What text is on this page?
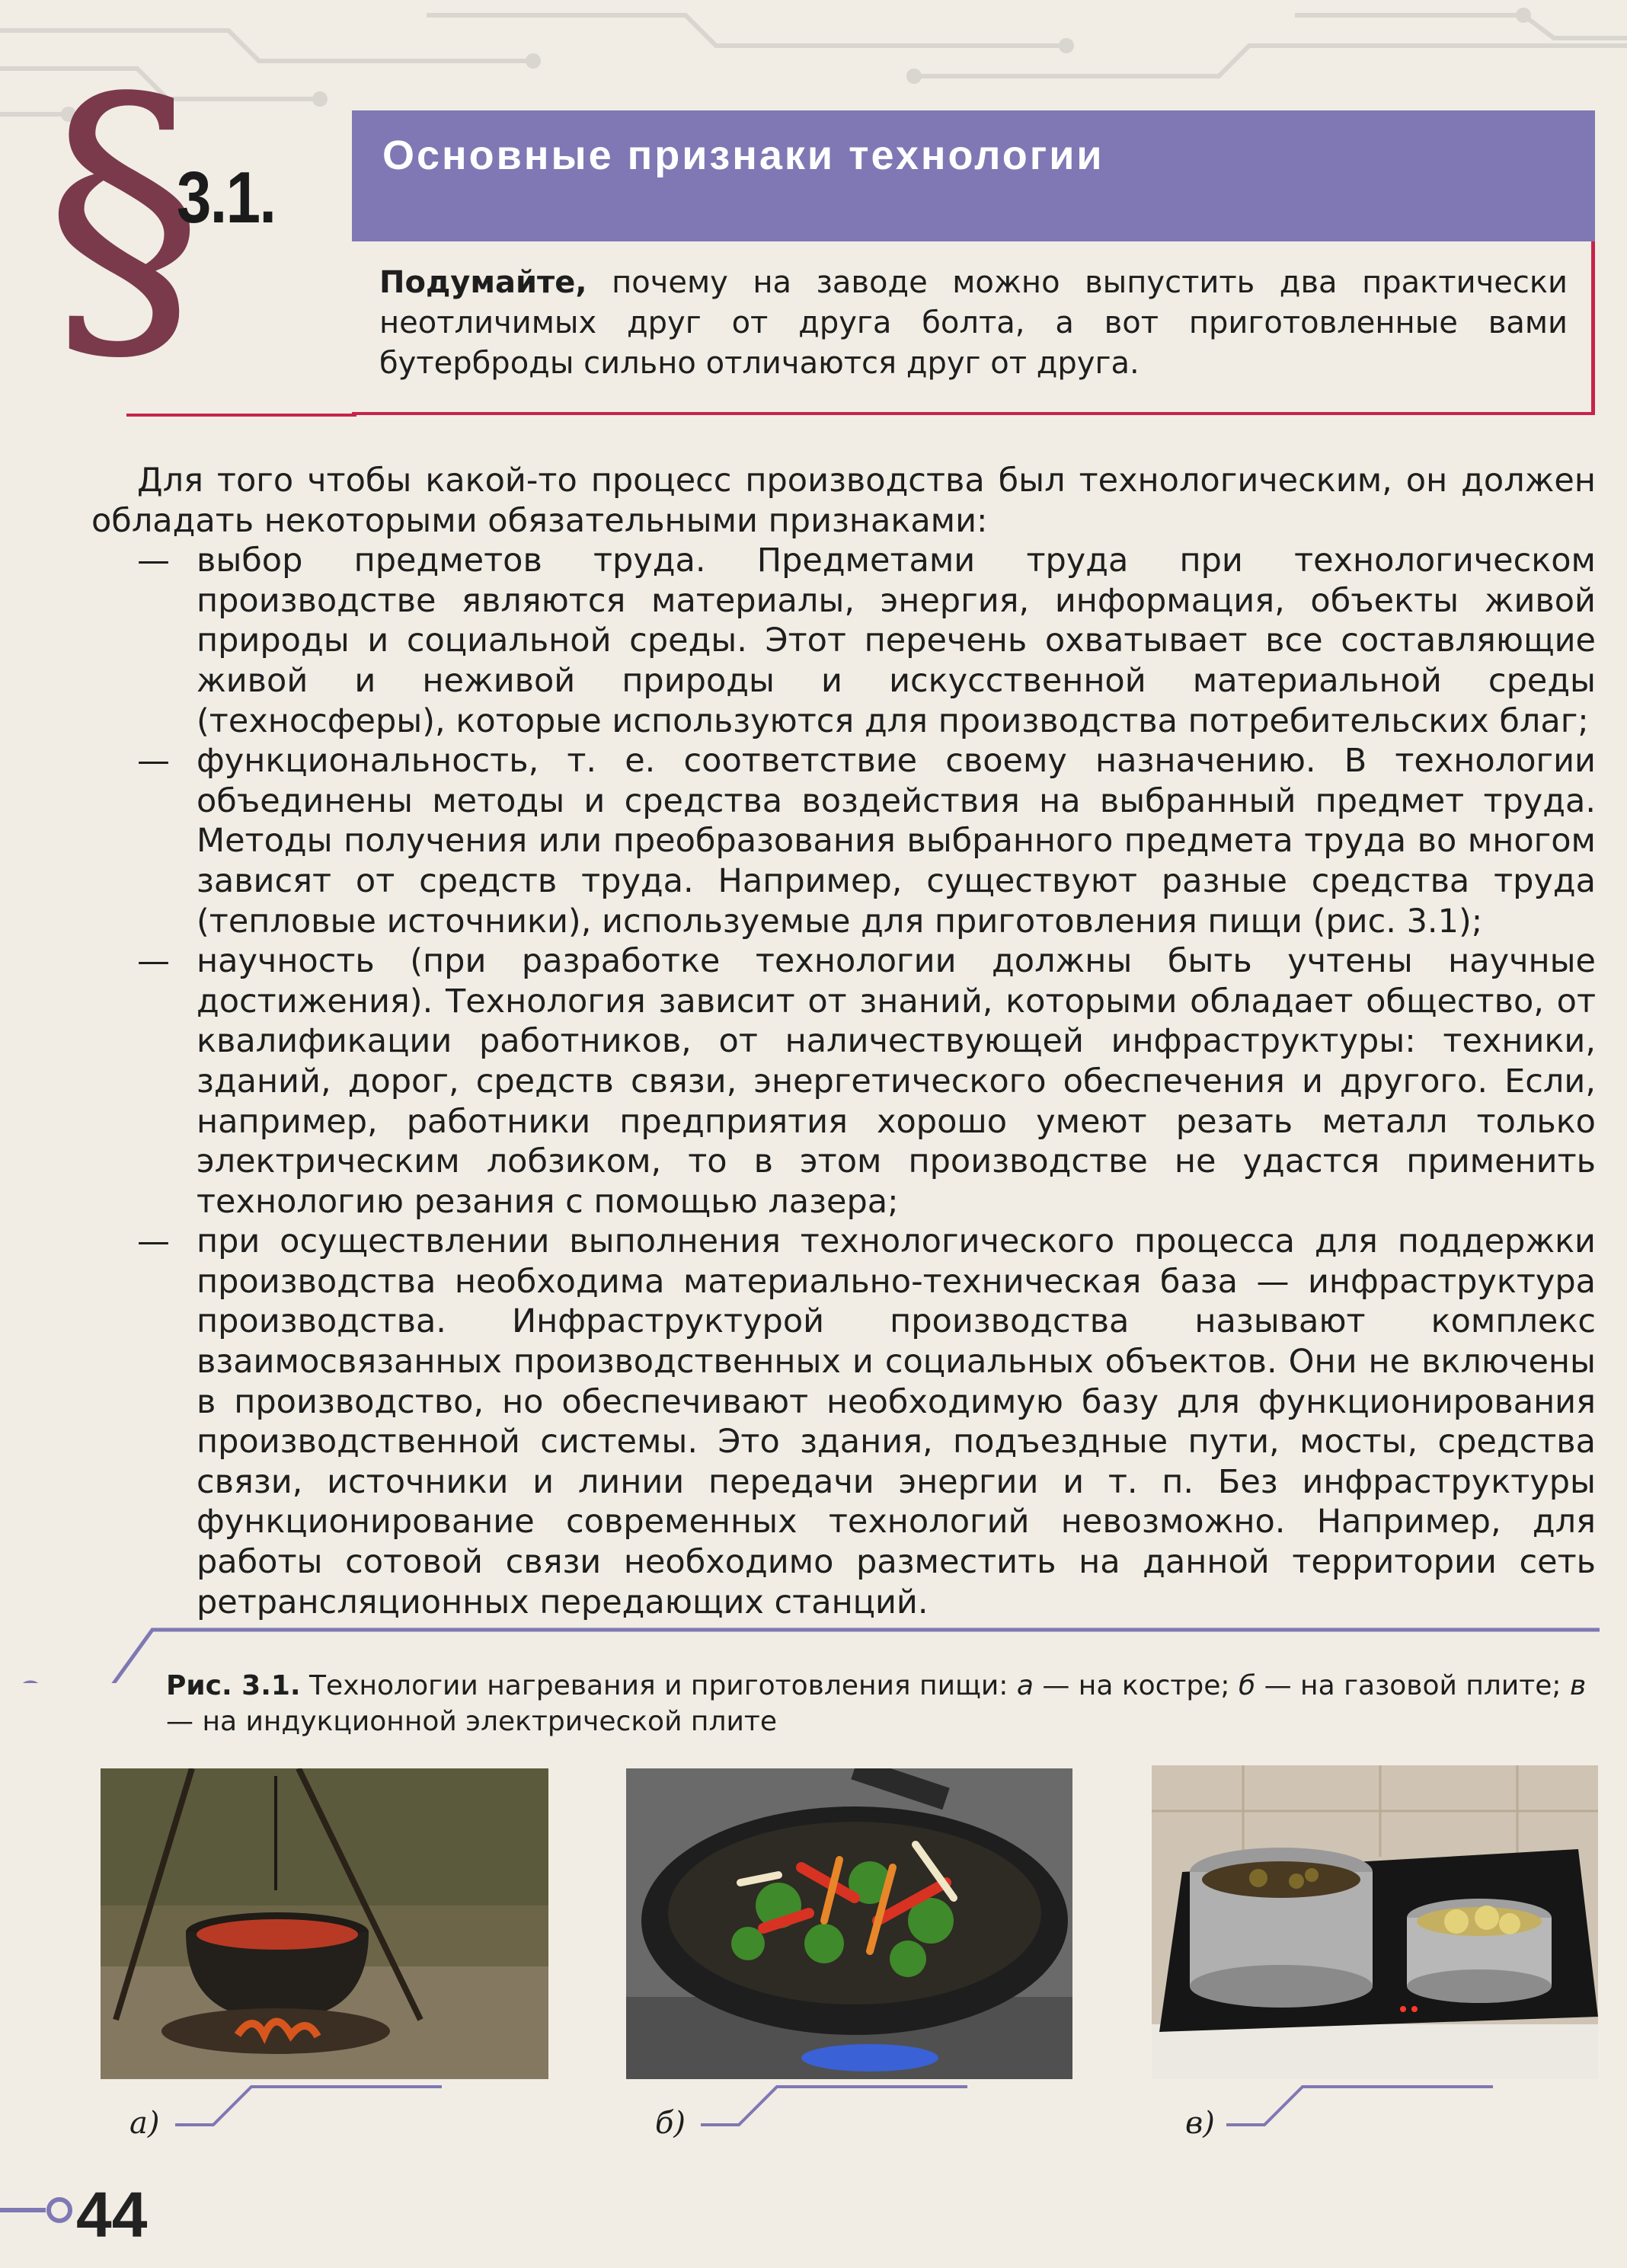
§
3.1.
Основные признаки технологии
Подумайте, почему на заводе можно выпустить два практически неотличимых друг от друга болта, а вот приготовленные вами бутерброды сильно отличаются друг от друга.

Для того чтобы какой-то процесс производства был технологическим, он должен обладать некоторыми обязательными признаками:

— выбор предметов труда. Предметами труда при технологическом производстве являются материалы, энергия, информация, объекты живой природы и социальной среды. Этот перечень охватывает все составляющие живой и неживой природы и искусственной материальной среды (техносферы), которые используются для производства потребительских благ;

— функциональность, т. е. соответствие своему назначению. В технологии объединены методы и средства воздействия на выбранный предмет труда. Методы получения или преобразования выбранного предмета труда во многом зависят от средств труда. Например, существуют разные средства труда (тепловые источники), используемые для приготовления пищи (рис. 3.1);

— научность (при разработке технологии должны быть учтены научные достижения). Технология зависит от знаний, которыми обладает общество, от квалификации работников, от наличествующей инфраструктуры: техники, зданий, дорог, средств связи, энергетического обеспечения и другого. Если, например, работники предприятия хорошо умеют резать металл только электрическим лобзиком, то в этом производстве не удастся применить технологию резания с помощью лазера;

— при осуществлении выполнения технологического процесса для поддержки производства необходима материально-техническая база — инфраструктура производства. Инфраструктурой производства называют комплекс взаимосвязанных производственных и социальных объектов. Они не включены в производство, но обеспечивают необходимую базу для функционирования производственной системы. Это здания, подъездные пути, мосты, средства связи, источники и линии передачи энергии и т. п. Без инфраструктуры функционирование современных технологий невозможно. Например, для работы сотовой связи необходимо разместить на данной территории сеть ретрансляционных передающих станций.

Рис. 3.1. Технологии нагревания и приготовления пищи: а — на костре; б — на газовой плите; в — на индукционной электрической плите
а)	б)	в)
44
